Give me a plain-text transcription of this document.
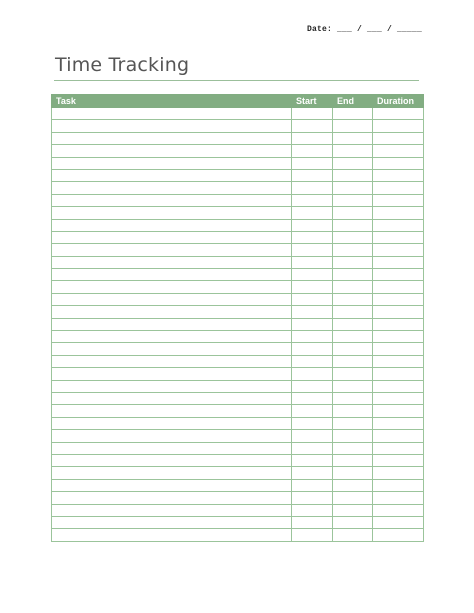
Date: ___ / ___ / _____
Time Tracking
Task	Start	End	Duration
